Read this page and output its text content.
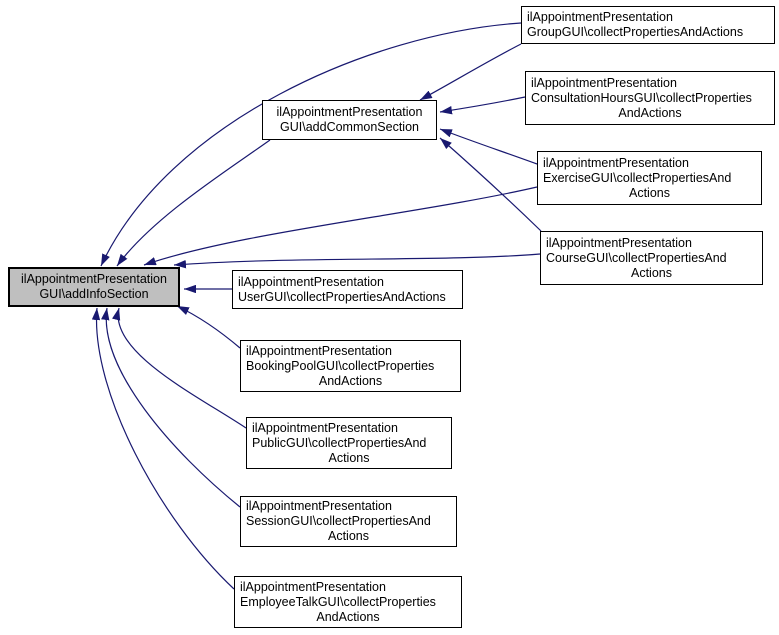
ilAppointmentPresentation
GUI\addInfoSection
ilAppointmentPresentation
GUI\addCommonSection
ilAppointmentPresentation
GroupGUI\collectPropertiesAndActions
ilAppointmentPresentation
ConsultationHoursGUI\collectProperties
AndActions
ilAppointmentPresentation
ExerciseGUI\collectPropertiesAnd
Actions
ilAppointmentPresentation
CourseGUI\collectPropertiesAnd
Actions
ilAppointmentPresentation
UserGUI\collectPropertiesAndActions
ilAppointmentPresentation
BookingPoolGUI\collectProperties
AndActions
ilAppointmentPresentation
PublicGUI\collectPropertiesAnd
Actions
ilAppointmentPresentation
SessionGUI\collectPropertiesAnd
Actions
ilAppointmentPresentation
EmployeeTalkGUI\collectProperties
AndActions
